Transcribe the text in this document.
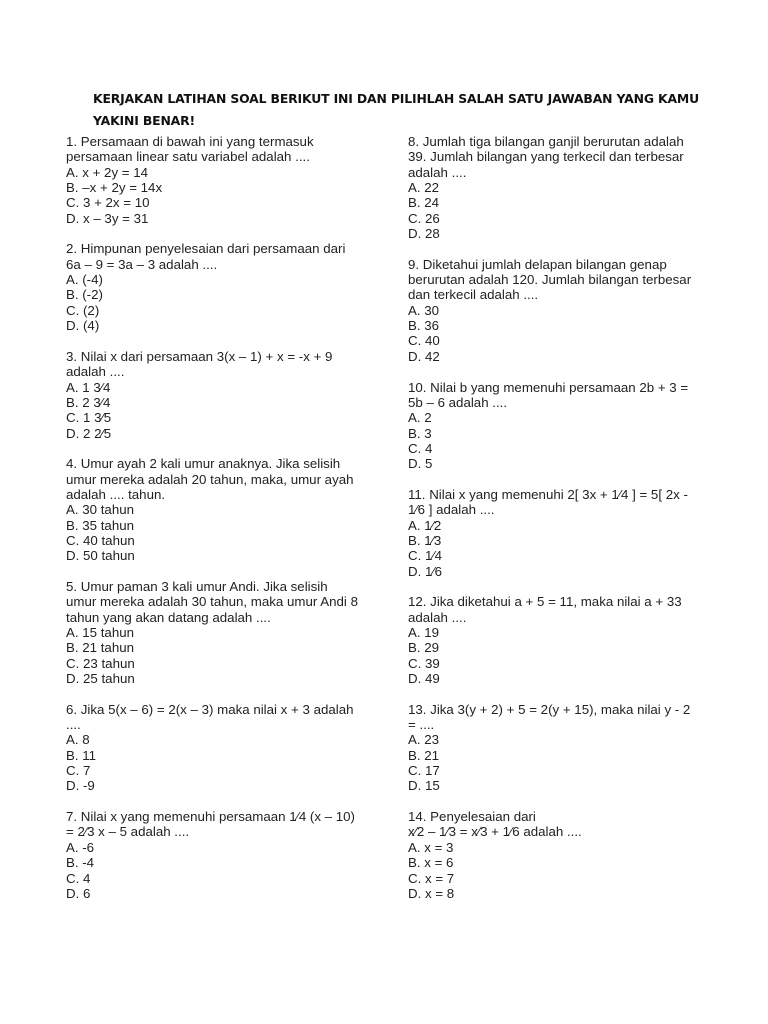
KERJAKAN LATIHAN SOAL BERIKUT INI DAN PILIHLAH SALAH SATU JAWABAN YANG KAMU
YAKINI BENAR!
1. Persamaan di bawah ini yang termasuk
persamaan linear satu variabel adalah ....
A. x + 2y = 14
B. –x + 2y = 14x
C. 3 + 2x = 10
D. x – 3y = 31
2. Himpunan penyelesaian dari persamaan dari
6a – 9 = 3a – 3 adalah ....
A. (-4)
B. (-2)
C. (2)
D. (4)
3. Nilai x dari persamaan 3(x – 1) + x = -x + 9
adalah ....
A. 1 3⁄4
B. 2 3⁄4
C. 1 3⁄5
D. 2 2⁄5
4. Umur ayah 2 kali umur anaknya. Jika selisih
umur mereka adalah 20 tahun, maka, umur ayah
adalah .... tahun.
A. 30 tahun
B. 35 tahun
C. 40 tahun
D. 50 tahun
5. Umur paman 3 kali umur Andi. Jika selisih
umur mereka adalah 30 tahun, maka umur Andi 8
tahun yang akan datang adalah ....
A. 15 tahun
B. 21 tahun
C. 23 tahun
D. 25 tahun
6. Jika 5(x – 6) = 2(x – 3) maka nilai x + 3 adalah
....
A. 8
B. 11
C. 7
D. -9
7. Nilai x yang memenuhi persamaan 1⁄4 (x – 10)
= 2⁄3 x – 5 adalah ....
A. -6
B. -4
C. 4
D. 6
8. Jumlah tiga bilangan ganjil berurutan adalah
39. Jumlah bilangan yang terkecil dan terbesar
adalah ....
A. 22
B. 24
C. 26
D. 28
9. Diketahui jumlah delapan bilangan genap
berurutan adalah 120. Jumlah bilangan terbesar
dan terkecil adalah ....
A. 30
B. 36
C. 40
D. 42
10. Nilai b yang memenuhi persamaan 2b + 3 =
5b – 6 adalah ....
A. 2
B. 3
C. 4
D. 5
11. Nilai x yang memenuhi 2[ 3x + 1⁄4 ] = 5[ 2x -
1⁄6 ] adalah ....
A. 1⁄2
B. 1⁄3
C. 1⁄4
D. 1⁄6
12. Jika diketahui a + 5 = 11, maka nilai a + 33
adalah ....
A. 19
B. 29
C. 39
D. 49
13. Jika 3(y + 2) + 5 = 2(y + 15), maka nilai y - 2
= ....
A. 23
B. 21
C. 17
D. 15
14. Penyelesaian dari
x⁄2 – 1⁄3 = x⁄3 + 1⁄6 adalah ....
A. x = 3
B. x = 6
C. x = 7
D. x = 8
